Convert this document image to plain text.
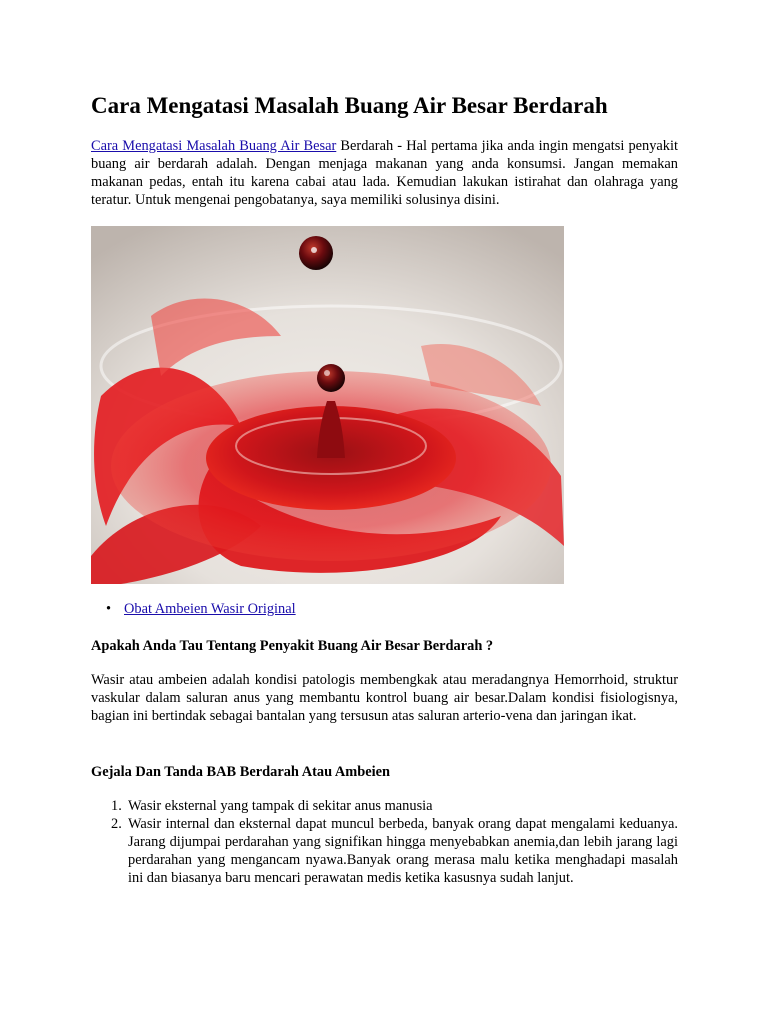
Cara Mengatasi Masalah Buang Air Besar Berdarah

Cara Mengatasi Masalah Buang Air Besar Berdarah - Hal pertama jika anda ingin mengatsi penyakit buang air berdarah adalah. Dengan menjaga makanan yang anda konsumsi. Jangan memakan makanan pedas, entah itu karena cabai atau lada. Kemudian lakukan istirahat dan olahraga yang teratur. Untuk mengenai pengobatanya, saya memiliki solusinya disini.

• Obat Ambeien Wasir Original
Apakah Anda Tau Tentang Penyakit Buang Air Besar Berdarah ?

Wasir atau ambeien adalah kondisi patologis membengkak atau meradangnya Hemorrhoid, struktur vaskular dalam saluran anus yang membantu kontrol buang air besar.Dalam kondisi fisiologisnya, bagian ini bertindak sebagai bantalan yang tersusun atas saluran arterio-vena dan jaringan ikat.

Gejala Dan Tanda BAB Berdarah Atau Ambeien
1. Wasir eksternal yang tampak di sekitar anus manusia
2. Wasir internal dan eksternal dapat muncul berbeda, banyak orang dapat mengalami keduanya. Jarang dijumpai perdarahan yang signifikan hingga menyebabkan anemia,dan lebih jarang lagi perdarahan yang mengancam nyawa.Banyak orang merasa malu ketika menghadapi masalah ini dan biasanya baru mencari perawatan medis ketika kasusnya sudah lanjut.
